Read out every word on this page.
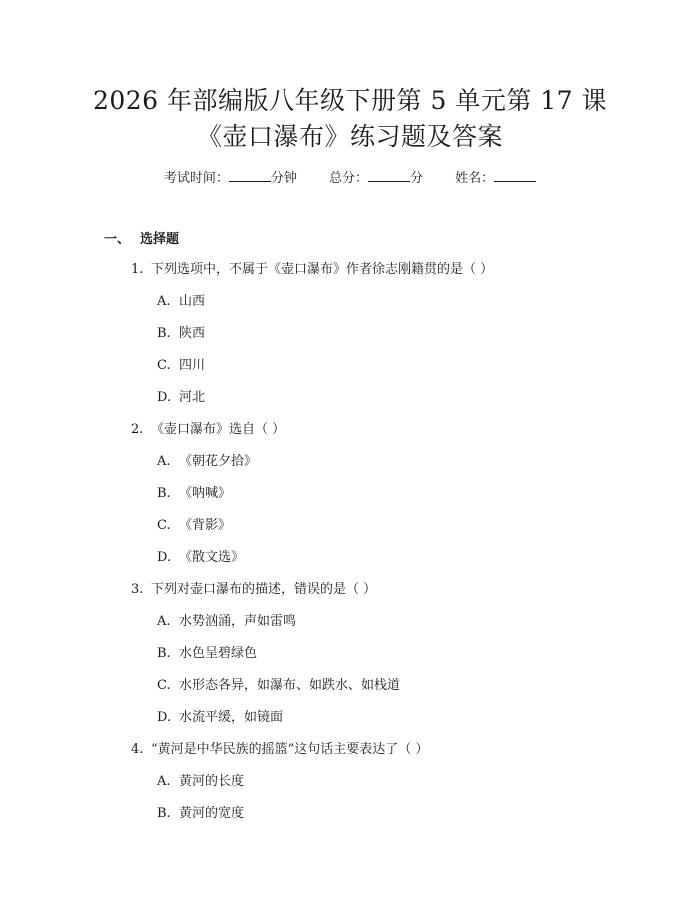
2026 年部编版八年级下册第 5 单元第 17 课
《壶口瀑布》练习题及答案
考试时间：	分钟 总分：	分 姓名：
一、 选择题
1. 下列选项中，不属于《壶口瀑布》作者徐志刚籍贯的是（ ）
A. 山西
B. 陕西
C. 四川
D. 河北
2. 《壶口瀑布》选自（ ）
A. 《朝花夕拾》
B. 《呐喊》
C. 《背影》
D. 《散文选》
3. 下列对壶口瀑布的描述，错误的是（ ）
A. 水势汹涌，声如雷鸣
B. 水色呈碧绿色
C. 水形态各异，如瀑布、如跌水、如栈道
D. 水流平缓，如镜面
4. “黄河是中华民族的摇篮”这句话主要表达了（ ）
A. 黄河的长度
B. 黄河的宽度
